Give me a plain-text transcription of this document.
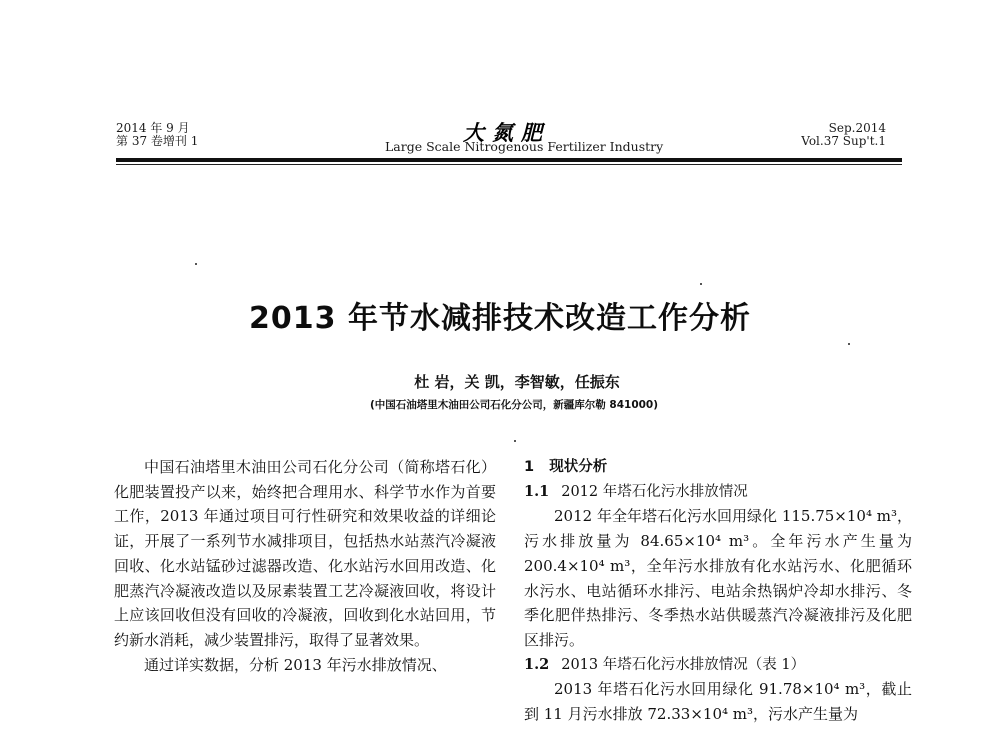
2014 年 9 月
第 37 卷增刊 1	大氮肥
Large Scale Nitrogenous Fertilizer Industry
Sep.2014
Vol.37 Sup't.1
2013 年节水减排技术改造工作分析
杜 岩，关 凯，李智敏，任振东
(中国石油塔里木油田公司石化分公司，新疆库尔勒 841000)

中国石油塔里木油田公司石化分公司（简称塔石化）化肥装置投产以来，始终把合理用水、科学节水作为首要工作，2013 年通过项目可行性研究和效果收益的详细论证，开展了一系列节水减排项目，包括热水站蒸汽冷凝液回收、化水站锰砂过滤器改造、化水站污水回用改造、化肥蒸汽冷凝液改造以及尿素装置工艺冷凝液回收，将设计上应该回收但没有回收的冷凝液，回收到化水站回用，节约新水消耗，减少装置排污，取得了显著效果。

通过详实数据，分析 2013 年污水排放情况、

1 现状分析
1.1 2012 年塔石化污水排放情况

2012 年全年塔石化污水回用绿化 115.75×10⁴ m³，污水排放量为 84.65×10⁴ m³。全年污水产生量为 200.4×10⁴ m³，全年污水排放有化水站污水、化肥循环水污水、电站循环水排污、电站余热锅炉冷却水排污、冬季化肥伴热排污、冬季热水站供暖蒸汽冷凝液排污及化肥区排污。

1.2 2013 年塔石化污水排放情况（表 1）

2013 年塔石化污水回用绿化 91.78×10⁴ m³，截止到 11 月污水排放 72.33×10⁴ m³，污水产生量为
